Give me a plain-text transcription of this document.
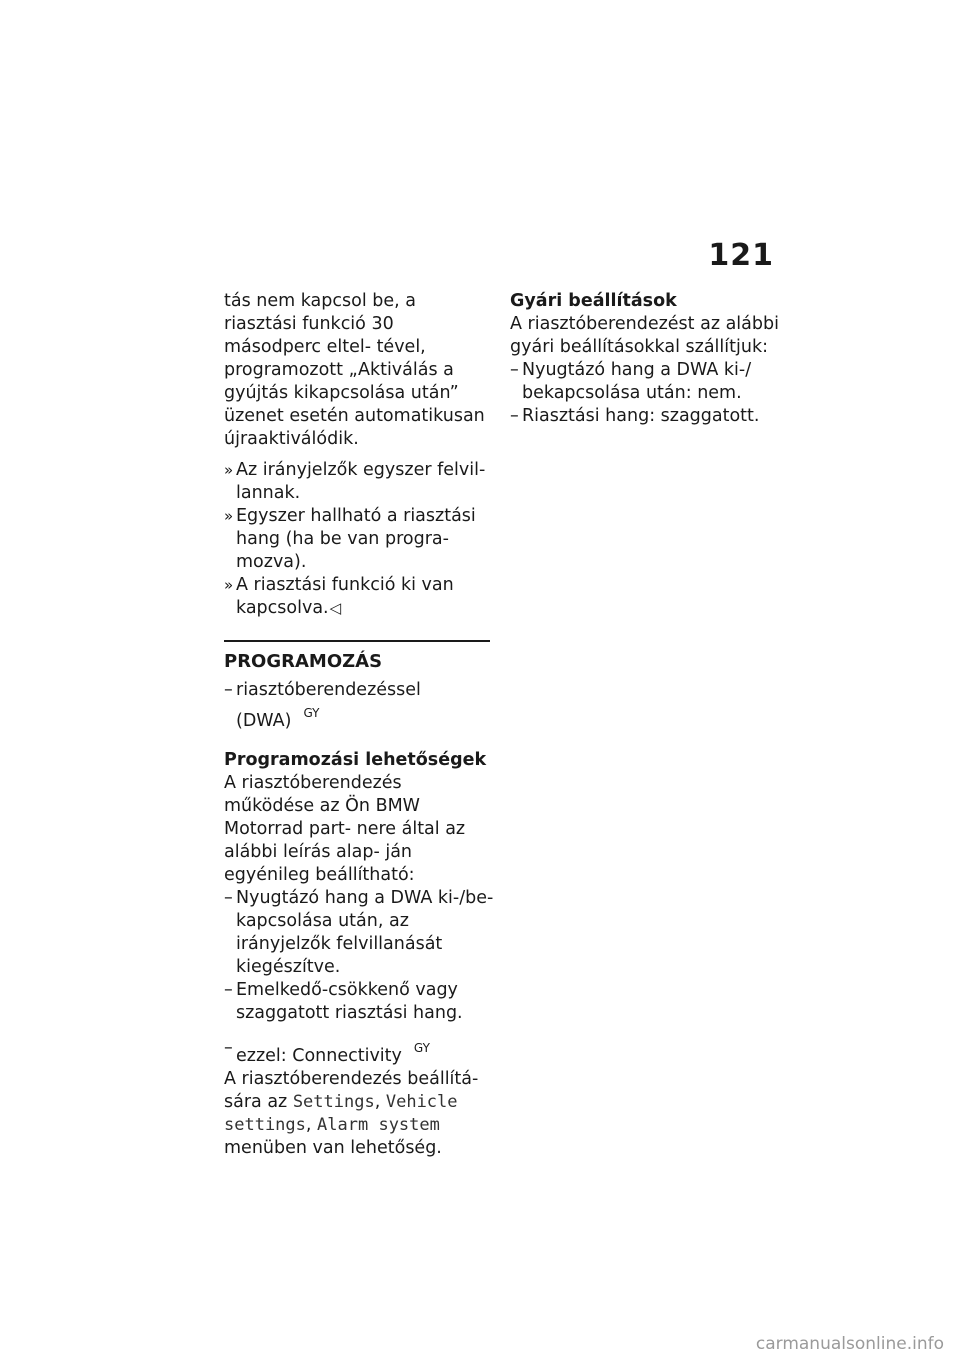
121

tás nem kapcsol be, a riasztási funkció 30 másodperc eltel- tével, programozott „Aktiválás a gyújtás kikapcsolása után” üzenet esetén automatikusan újraaktiválódik.

» Az irányjelzők egyszer felvil- lannak.
» Egyszer hallható a riasztási hang (ha be van progra- mozva).
» A riasztási funkció ki van kapcsolva.◁
PROGRAMOZÁS
– riasztóberendezéssel (DWA) $^{GY}$

Programozási lehetőségek

A riasztóberendezés működése az Ön BMW Motorrad part- nere által az alábbi leírás alap- ján egyénileg beállítható:

– Nyugtázó hang a DWA ki-/be- kapcsolása után, az irányjelzők felvillanását kiegészítve.
– Emelkedő-csökkenő vagy szaggatott riasztási hang.
– ezzel: Connectivity $^{GY}$

A riasztóberendezés beállítá- sára az Settings, Vehicle settings, Alarm system menüben van lehetőség.

Gyári beállítások

A riasztóberendezést az alábbi gyári beállításokkal szállítjuk:

– Nyugtázó hang a DWA ki-/ bekapcsolása után: nem.
– Riasztási hang: szaggatott.
carmanualsonline.info
